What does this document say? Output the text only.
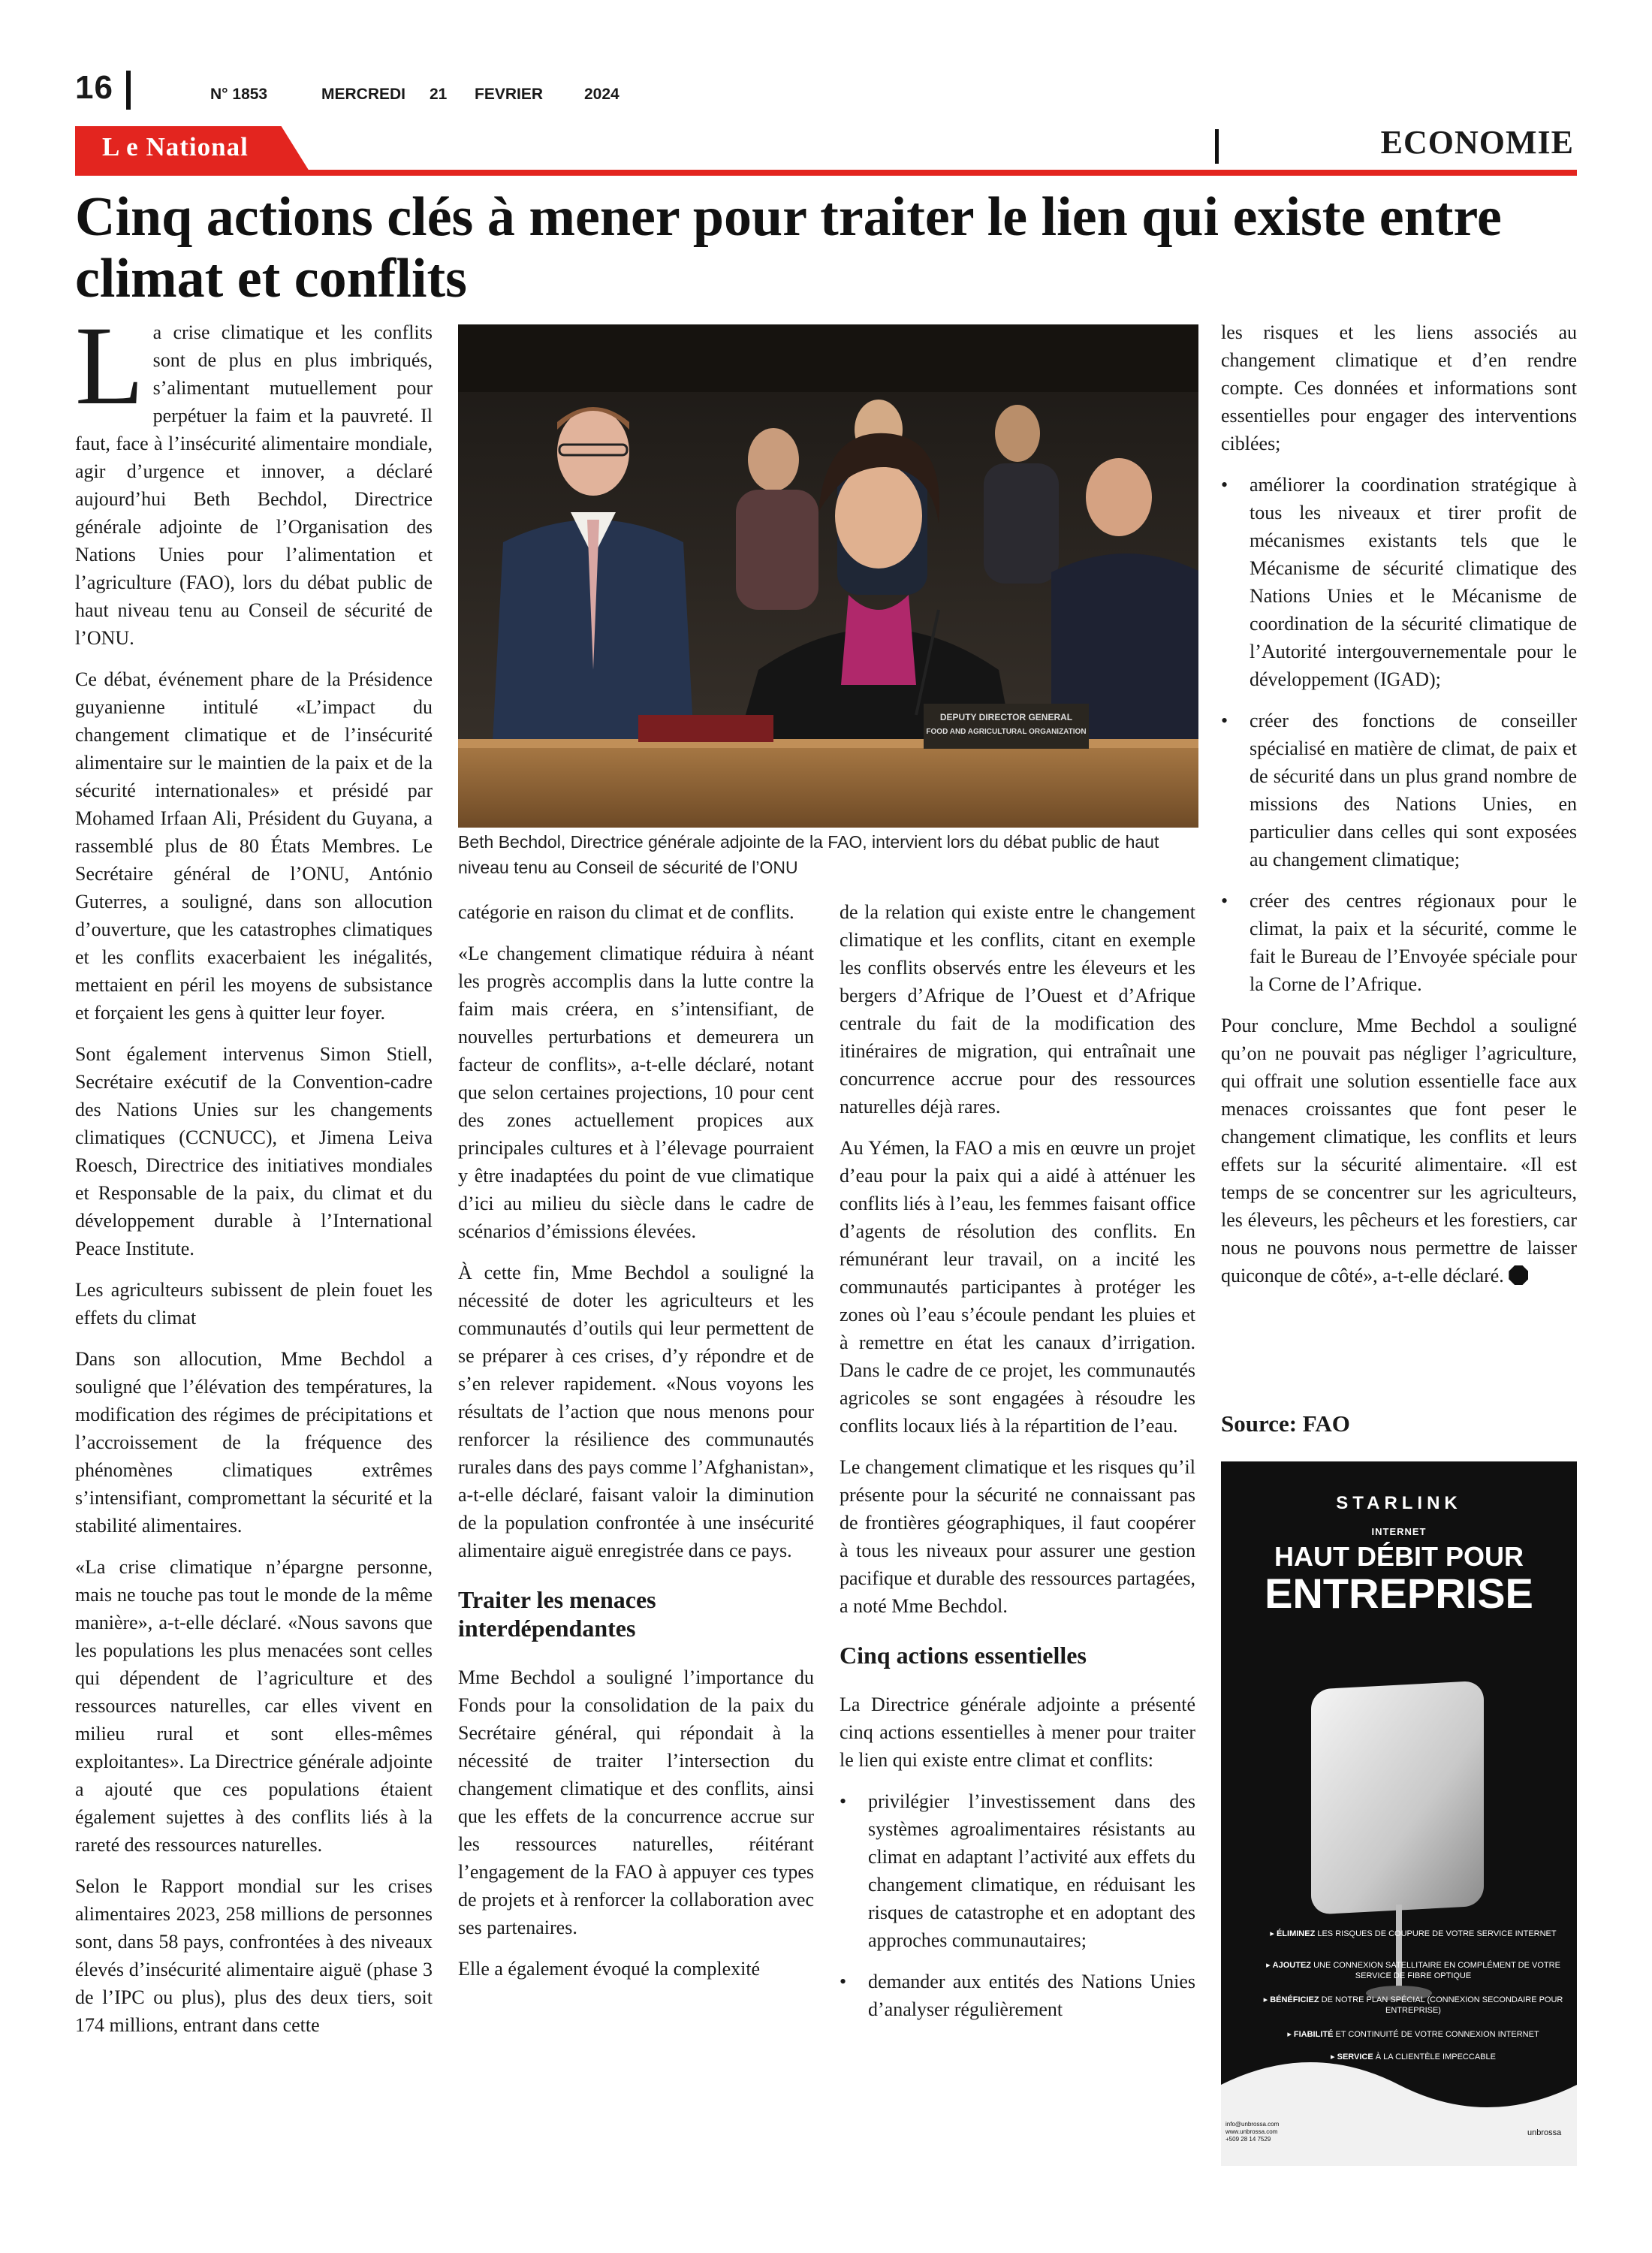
16	N° 1853	MERCREDI 21 FEVRIER	2024
L e National	ECONOMIE
Cinq actions clés à mener pour traiter le lien qui existe entre climat et conflits

La crise climatique et les conflits sont de plus en plus imbriqués, s’alimentant mutuellement pour perpétuer la faim et la pauvreté. Il faut, face à l’insécurité alimentaire mondiale, agir d’urgence et innover, a déclaré aujourd’hui Beth Bechdol, Directrice générale adjointe de l’Organisation des Nations Unies pour l’alimentation et l’agriculture (FAO), lors du débat public de haut niveau tenu au Conseil de sécurité de l’ONU.

Ce débat, événement phare de la Présidence guyanienne intitulé «L’impact du changement climatique et de l’insécurité alimentaire sur le maintien de la paix et de la sécurité internationales» et présidé par Mohamed Irfaan Ali, Président du Guyana, a rassemblé plus de 80 États Membres. Le Secrétaire général de l’ONU, António Guterres, a souligné, dans son allocution d’ouverture, que les catastrophes climatiques et les conflits exacerbaient les inégalités, mettaient en péril les moyens de subsistance et forçaient les gens à quitter leur foyer.

Sont également intervenus Simon Stiell, Secrétaire exécutif de la Convention-cadre des Nations Unies sur les changements climatiques (CCNUCC), et Jimena Leiva Roesch, Directrice des initiatives mondiales et Responsable de la paix, du climat et du développement durable à l’International Peace Institute.

Les agriculteurs subissent de plein fouet les effets du climat

Dans son allocution, Mme Bechdol a souligné que l’élévation des températures, la modification des régimes de précipitations et l’accroissement de la fréquence des phénomènes climatiques extrêmes s’intensifiant, compromettant la sécurité et la stabilité alimentaires.

«La crise climatique n’épargne personne, mais ne touche pas tout le monde de la même manière», a-t-elle déclaré. «Nous savons que les populations les plus menacées sont celles qui dépendent de l’agriculture et des ressources naturelles, car elles vivent en milieu rural et sont elles-mêmes exploitantes». La Directrice générale adjointe a ajouté que ces populations étaient également sujettes à des conflits liés à la rareté des ressources naturelles.

Selon le Rapport mondial sur les crises alimentaires 2023, 258 millions de personnes sont, dans 58 pays, confrontées à des niveaux élevés d’insécurité alimentaire aiguë (phase 3 de l’IPC ou plus), plus des deux tiers, soit 174 millions, entrant dans cette

DEPUTY DIRECTOR GENERAL
FOOD AND AGRICULTURAL ORGANIZATION
Beth Bechdol, Directrice générale adjointe de la FAO, intervient lors du débat public de haut niveau tenu au Conseil de sécurité de l’ONU

catégorie en raison du climat et de conflits.

«Le changement climatique réduira à néant les progrès accomplis dans la lutte contre la faim mais créera, en s’intensifiant, de nouvelles perturbations et demeurera un facteur de conflits», a-t-elle déclaré, notant que selon certaines projections, 10 pour cent des zones actuellement propices aux principales cultures et à l’élevage pourraient y être inadaptées du point de vue climatique d’ici au milieu du siècle dans le cadre de scénarios d’émissions élevées.

À cette fin, Mme Bechdol a souligné la nécessité de doter les agriculteurs et les communautés d’outils qui leur permettent de se préparer à ces crises, d’y répondre et de s’en relever rapidement. «Nous voyons les résultats de l’action que nous menons pour renforcer la résilience des communautés rurales dans des pays comme l’Afghanistan», a-t-elle déclaré, faisant valoir la diminution de la population confrontée à une insécurité alimentaire aiguë enregistrée dans ce pays.

Traiter les menaces interdépendantes

Mme Bechdol a souligné l’importance du Fonds pour la consolidation de la paix du Secrétaire général, qui répondait à la nécessité de traiter l’intersection du changement climatique et des conflits, ainsi que les effets de la concurrence accrue sur les ressources naturelles, réitérant l’engagement de la FAO à appuyer ces types de projets et à renforcer la collaboration avec ses partenaires.

Elle a également évoqué la complexité

de la relation qui existe entre le changement climatique et les conflits, citant en exemple les conflits observés entre les éleveurs et les bergers d’Afrique de l’Ouest et d’Afrique centrale du fait de la modification des itinéraires de migration, qui entraînait une concurrence accrue pour des ressources naturelles déjà rares.

Au Yémen, la FAO a mis en œuvre un projet d’eau pour la paix qui a aidé à atténuer les conflits liés à l’eau, les femmes faisant office d’agents de résolution des conflits. En rémunérant leur travail, on a incité les communautés participantes à protéger les zones où l’eau s’écoule pendant les pluies et à remettre en état les canaux d’irrigation. Dans le cadre de ce projet, les communautés agricoles se sont engagées à résoudre les conflits locaux liés à la répartition de l’eau.

Le changement climatique et les risques qu’il présente pour la sécurité ne connaissant pas de frontières géographiques, il faut coopérer à tous les niveaux pour assurer une gestion pacifique et durable des ressources partagées, a noté Mme Bechdol.

Cinq actions essentielles

La Directrice générale adjointe a présenté cinq actions essentielles à mener pour traiter le lien qui existe entre climat et conflits:

•	privilégier l’investissement dans des systèmes agroalimentaires résistants au climat en adaptant l’activité aux effets du changement climatique, en réduisant les risques de catastrophe et en adoptant des approches communautaires;

•	demander aux entités des Nations Unies d’analyser régulièrement

les risques et les liens associés au changement climatique et d’en rendre compte. Ces données et informations sont essentielles pour engager des interventions ciblées;

•	améliorer la coordination stratégique à tous les niveaux et tirer profit de mécanismes existants tels que le Mécanisme de sécurité climatique des Nations Unies et le Mécanisme de coordination de la sécurité climatique de l’Autorité intergouvernementale pour le développement (IGAD);

•	créer des fonctions de conseiller spécialisé en matière de climat, de paix et de sécurité dans un plus grand nombre de missions des Nations Unies, en particulier dans celles qui sont exposées au changement climatique;

•	créer des centres régionaux pour le climat, la paix et la sécurité, comme le fait le Bureau de l’Envoyée spéciale pour la Corne de l’Afrique.

Pour conclure, Mme Bechdol a souligné qu’on ne pouvait pas négliger l’agriculture, qui offrait une solution essentielle face aux menaces croissantes que font peser le changement climatique, les conflits et leurs effets sur la sécurité alimentaire. «Il est temps de se concentrer sur les agriculteurs, les éleveurs, les pêcheurs et les forestiers, car nous ne pouvons nous permettre de laisser quiconque de côté», a-t-elle déclaré.

Source: FAO
STARLINK
INTERNET
HAUT DÉBIT POUR
ENTREPRISE
▸ ÉLIMINEZ LES RISQUES DE COUPURE DE VOTRE SERVICE INTERNET
▸ AJOUTEZ UNE CONNEXION SATELLITAIRE EN COMPLÉMENT DE VOTRE SERVICE DE FIBRE OPTIQUE
▸ BÉNÉFICIEZ DE NOTRE PLAN SPÉCIAL (CONNEXION SECONDAIRE POUR ENTREPRISE)
▸ FIABILITÉ ET CONTINUITÉ DE VOTRE CONNEXION INTERNET
▸ SERVICE À LA CLIENTÈLE IMPECCABLE
info@unbrossa.com
www.unbrossa.com
+509 28 14 7529
unbrossa
